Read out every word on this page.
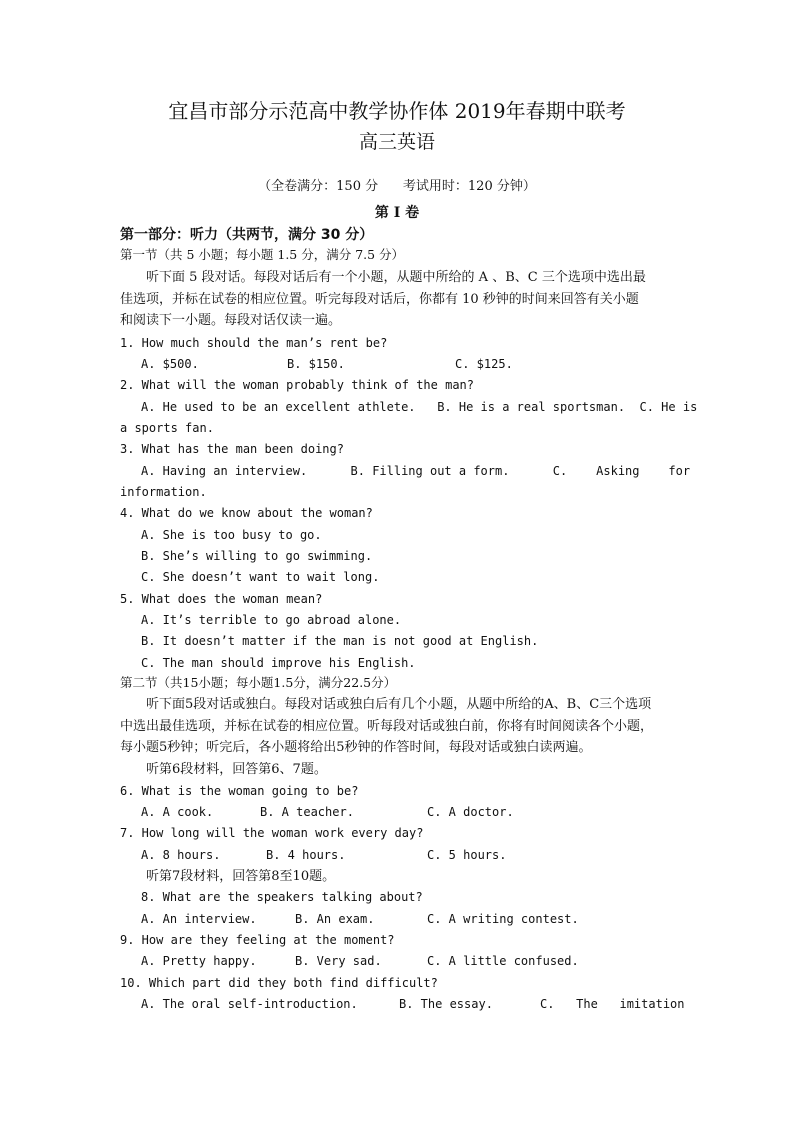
宜昌市部分示范高中教学协作体 2019年春期中联考
高三英语
（全卷满分：150 分      考试用时：120 分钟）
第 Ⅰ 卷
第一部分：听力（共两节，满分 30 分）
第一节（共 5 小题；每小题 1.5 分，满分 7.5 分）
听下面 5 段对话。每段对话后有一个小题，从题中所给的 A 、B、C 三个选项中选出最
佳选项，并标在试卷的相应位置。听完每段对话后，你都有 10 秒钟的时间来回答有关小题
和阅读下一小题。每段对话仅读一遍。
1. How much should the man’s rent be?
A. $500.	B. $150.	C. $125.
2. What will the woman probably think of the man?
A. He used to be an excellent athlete.   B. He is a real sportsman.  C. He is
a sports fan.
3. What has the man been doing?
A. Having an interview.      B. Filling out a form.      C.    Asking    for
information.
4. What do we know about the woman?
A. She is too busy to go.
B. She’s willing to go swimming.
C. She doesn’t want to wait long.
5. What does the woman mean?
A. It’s terrible to go abroad alone.
B. It doesn’t matter if the man is not good at English.
C. The man should improve his English.
第二节（共15小题；每小题1.5分，满分22.5分）
听下面5段对话或独白。每段对话或独白后有几个小题，从题中所给的A、B、C三个选项
中选出最佳选项，并标在试卷的相应位置。听每段对话或独白前，你将有时间阅读各个小题，
每小题5秒钟；听完后，各小题将给出5秒钟的作答时间，每段对话或独白读两遍。
听第6段材料，回答第6、7题。
6. What is the woman going to be?
A. A cook.	B. A teacher.	C. A doctor.
7. How long will the woman work every day?
A. 8 hours.	B. 4 hours.	C. 5 hours.
听第7段材料，回答第8至10题。
8. What are the speakers talking about?
A. An interview.	B. An exam.	C. A writing contest.
9. How are they feeling at the moment?
A. Pretty happy.	B. Very sad.	C. A little confused.
10. Which part did they both find difficult?
A. The oral self-introduction.	B. The essay.	C.   The   imitation
